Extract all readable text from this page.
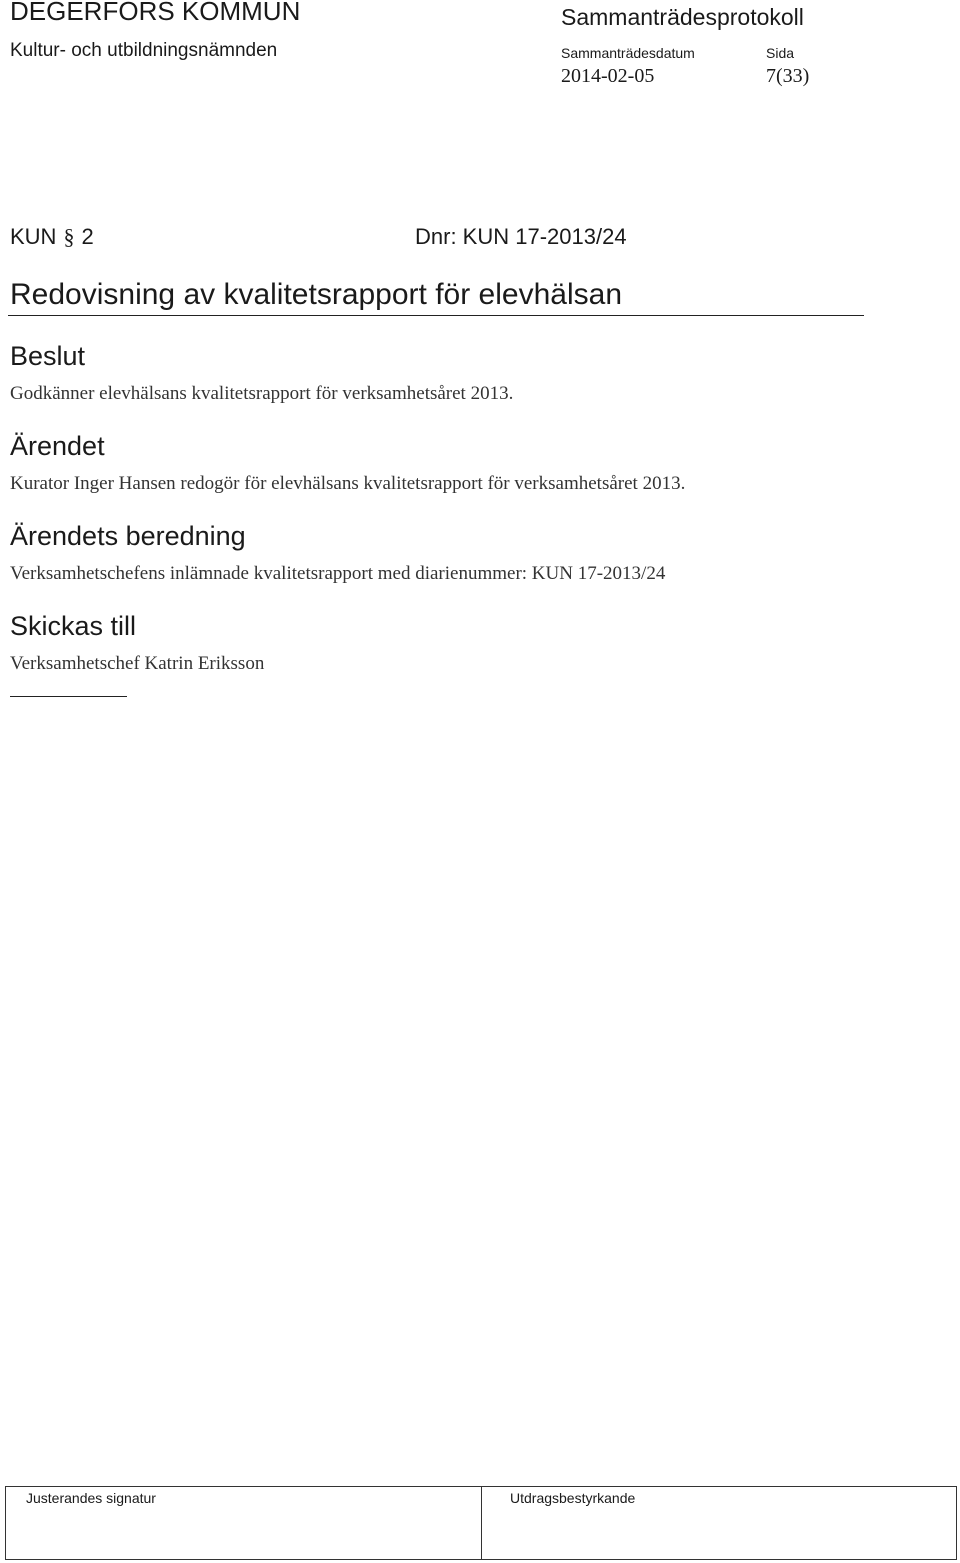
DEGERFORS KOMMUN
Kultur- och utbildningsnämnden
Sammanträdesprotokoll
Sammanträdesdatum
2014-02-05
Sida
7(33)
KUN § 2	Dnr: KUN 17-2013/24
Redovisning av kvalitetsrapport för elevhälsan
Beslut
Godkänner elevhälsans kvalitetsrapport för verksamhetsåret 2013.
Ärendet
Kurator Inger Hansen redogör för elevhälsans kvalitetsrapport för verksamhetsåret 2013.
Ärendets beredning
Verksamhetschefens inlämnade kvalitetsrapport med diarienummer: KUN 17-2013/24
Skickas till
Verksamhetschef Katrin Eriksson
Justerandes signatur	Utdragsbestyrkande
